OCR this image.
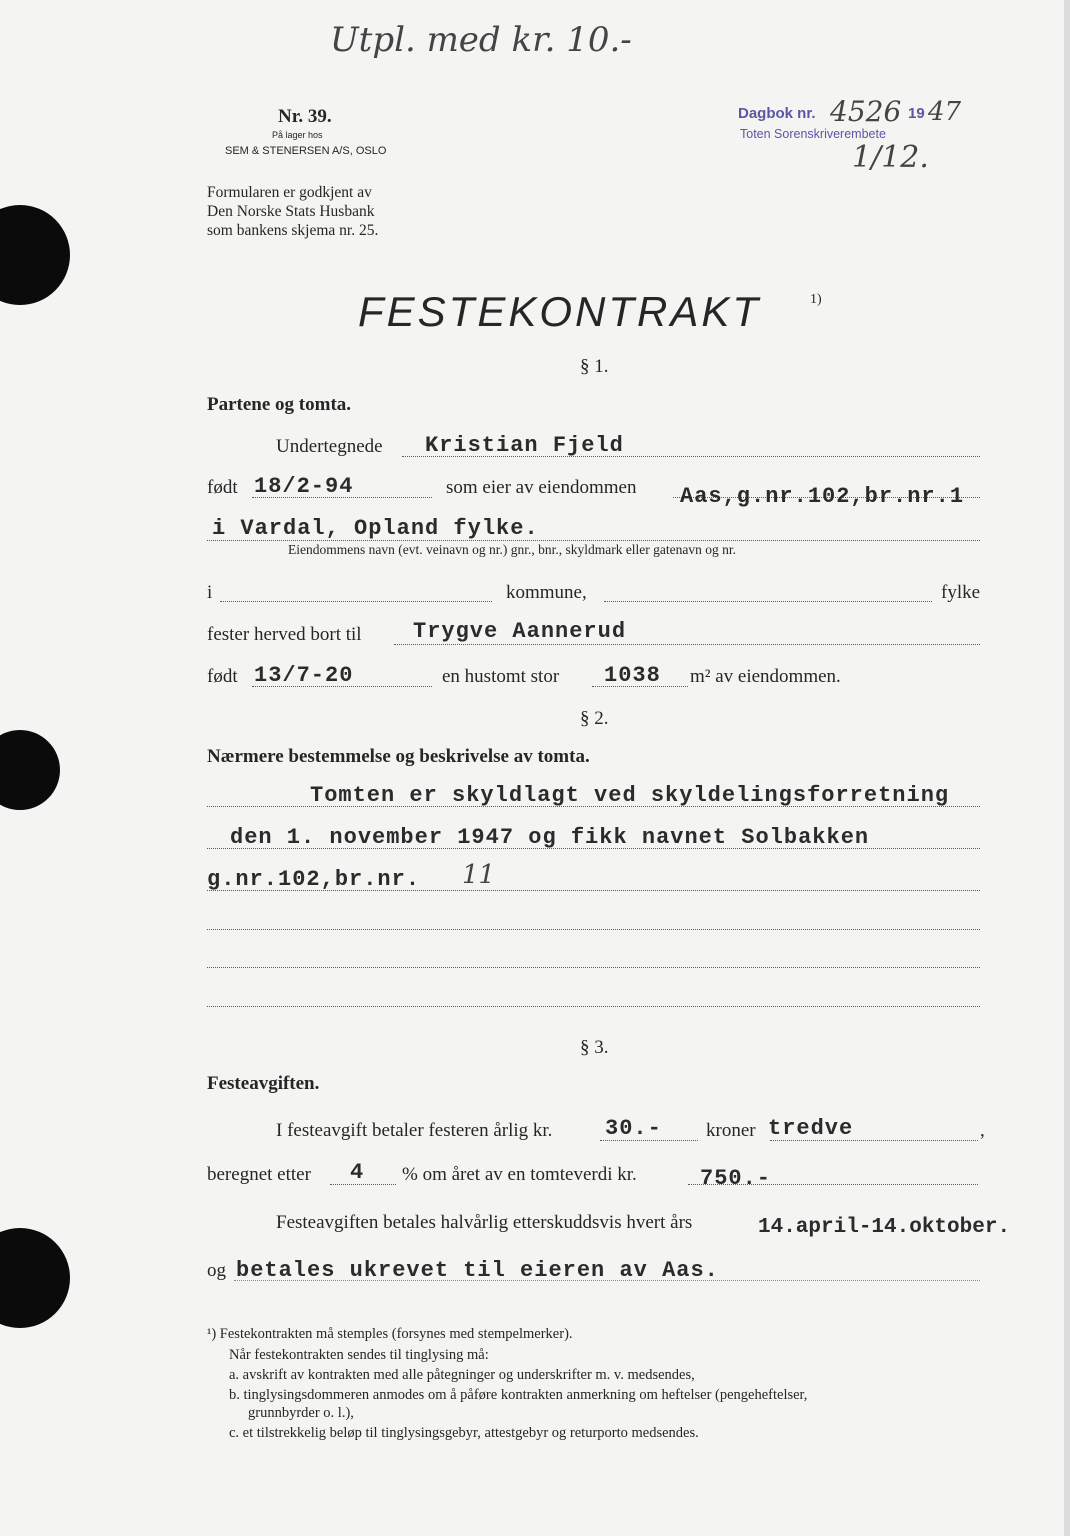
Utpl. med kr. 10.-
Nr. 39.
På lager hos
SEM & STENERSEN A/S, OSLO
Formularen er godkjent av
Den Norske Stats Husbank
som bankens skjema nr. 25.
Dagbok nr. 4526 19 47
Toten Sorenskriverembete
1/12.
FESTEKONTRAKT	1)
§ 1.
Partene og tomta.
Undertegnede Kristian Fjeld
født 18/2-94	som eier av eiendommen Aas,g.nr.102,br.nr.1
i Vardal, Opland fylke.
Eiendommens navn (evt. veinavn og nr.) gnr., bnr., skyldmark eller gatenavn og nr.
i	kommune,	fylke
fester herved bort til Trygve Aannerud
født 13/7-20	en hustomt stor 1038 m² av eiendommen.
§ 2.
Nærmere bestemmelse og beskrivelse av tomta.
Tomten er skyldlagt ved skyldelingsforretning
den 1. november 1947 og fikk navnet Solbakken
g.nr.102,br.nr. 11
§ 3.
Festeavgiften.
I festeavgift betaler festeren årlig kr. 30.- kroner tredve	,
beregnet etter 4 % om året av en tomteverdi kr.	750.-
Festeavgiften betales halvårlig etterskuddsvis hvert års	14.april-14.oktober.
og betales ukrevet til eieren av Aas.
¹) Festekontrakten må stemples (forsynes med stempelmerker).
Når festekontrakten sendes til tinglysing må:
a. avskrift av kontrakten med alle påtegninger og underskrifter m. v. medsendes,
b. tinglysingsdommeren anmodes om å påføre kontrakten anmerkning om heftelser (pengeheftelser,
grunnbyrder o. l.),
c. et tilstrekkelig beløp til tinglysingsgebyr, attestgebyr og returporto medsendes.
